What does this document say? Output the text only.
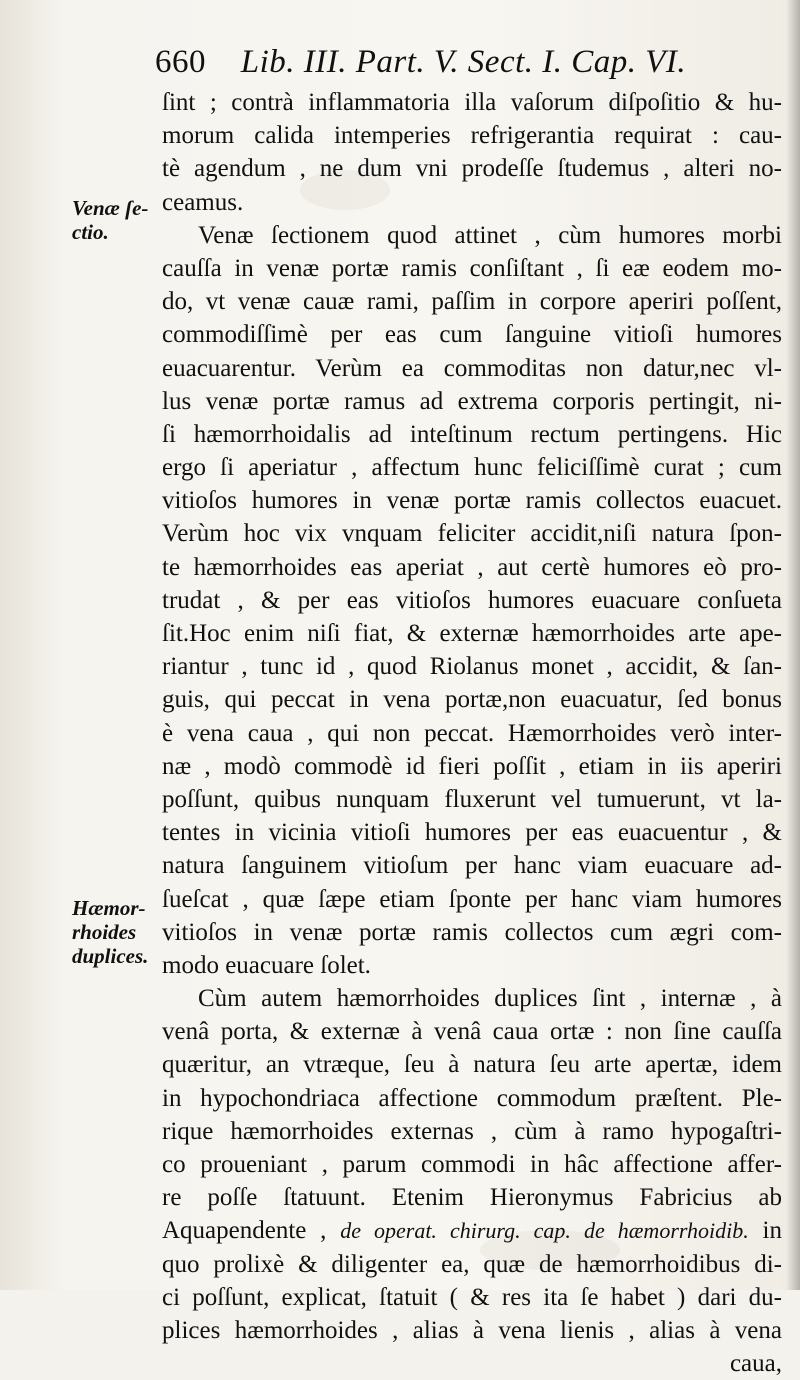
660 Lib. III. Part. V. Sect. I. Cap. VI.
Venæ ſe-
ctio.
Hæmor-
rhoides
duplices.
ſint ; contrà inflammatoria illa vaſorum diſpoſitio & hu-
morum calida intemperies refrigerantia requirat : cau-
tè agendum , ne dum vni prodeſſe ſtudemus , alteri no-
ceamus.
Venæ ſectionem quod attinet , cùm humores morbi
cauſſa in venæ portæ ramis conſiſtant , ſi eæ eodem mo-
do, vt venæ cauæ rami, paſſim in corpore aperiri poſſent,
commodiſſimè per eas cum ſanguine vitioſi humores
euacuarentur. Verùm ea commoditas non datur,nec vl-
lus venæ portæ ramus ad extrema corporis pertingit, ni-
ſi hæmorrhoidalis ad inteſtinum rectum pertingens. Hic
ergo ſi aperiatur , affectum hunc feliciſſimè curat ; cum
vitioſos humores in venæ portæ ramis collectos euacuet.
Verùm hoc vix vnquam feliciter accidit,niſi natura ſpon-
te hæmorrhoides eas aperiat , aut certè humores eò pro-
trudat , & per eas vitioſos humores euacuare conſueta
ſit.Hoc enim niſi fiat, & externæ hæmorrhoides arte ape-
riantur , tunc id , quod Riolanus monet , accidit, & ſan-
guis, qui peccat in vena portæ,non euacuatur, ſed bonus
è vena caua , qui non peccat. Hæmorrhoides verò inter-
næ , modò commodè id fieri poſſit , etiam in iis aperiri
poſſunt, quibus nunquam fluxerunt vel tumuerunt, vt la-
tentes in vicinia vitioſi humores per eas euacuentur , &
natura ſanguinem vitioſum per hanc viam euacuare ad-
ſueſcat , quæ ſæpe etiam ſponte per hanc viam humores
vitioſos in venæ portæ ramis collectos cum ægri com-
modo euacuare ſolet.
Cùm autem hæmorrhoides duplices ſint , internæ , à
venâ porta, & externæ à venâ caua ortæ : non ſine cauſſa
quæritur, an vtræque, ſeu à natura ſeu arte apertæ, idem
in hypochondriaca affectione commodum præſtent. Ple-
rique hæmorrhoides externas , cùm à ramo hypogaſtri-
co proueniant , parum commodi in hâc affectione affer-
re poſſe ſtatuunt. Etenim Hieronymus Fabricius ab
Aquapendente , de operat. chirurg. cap. de hæmorrhoidib. in
quo prolixè & diligenter ea, quæ de hæmorrhoidibus di-
ci poſſunt, explicat, ſtatuit ( & res ita ſe habet ) dari du-
plices hæmorrhoides , alias à vena lienis , alias à vena
caua,
